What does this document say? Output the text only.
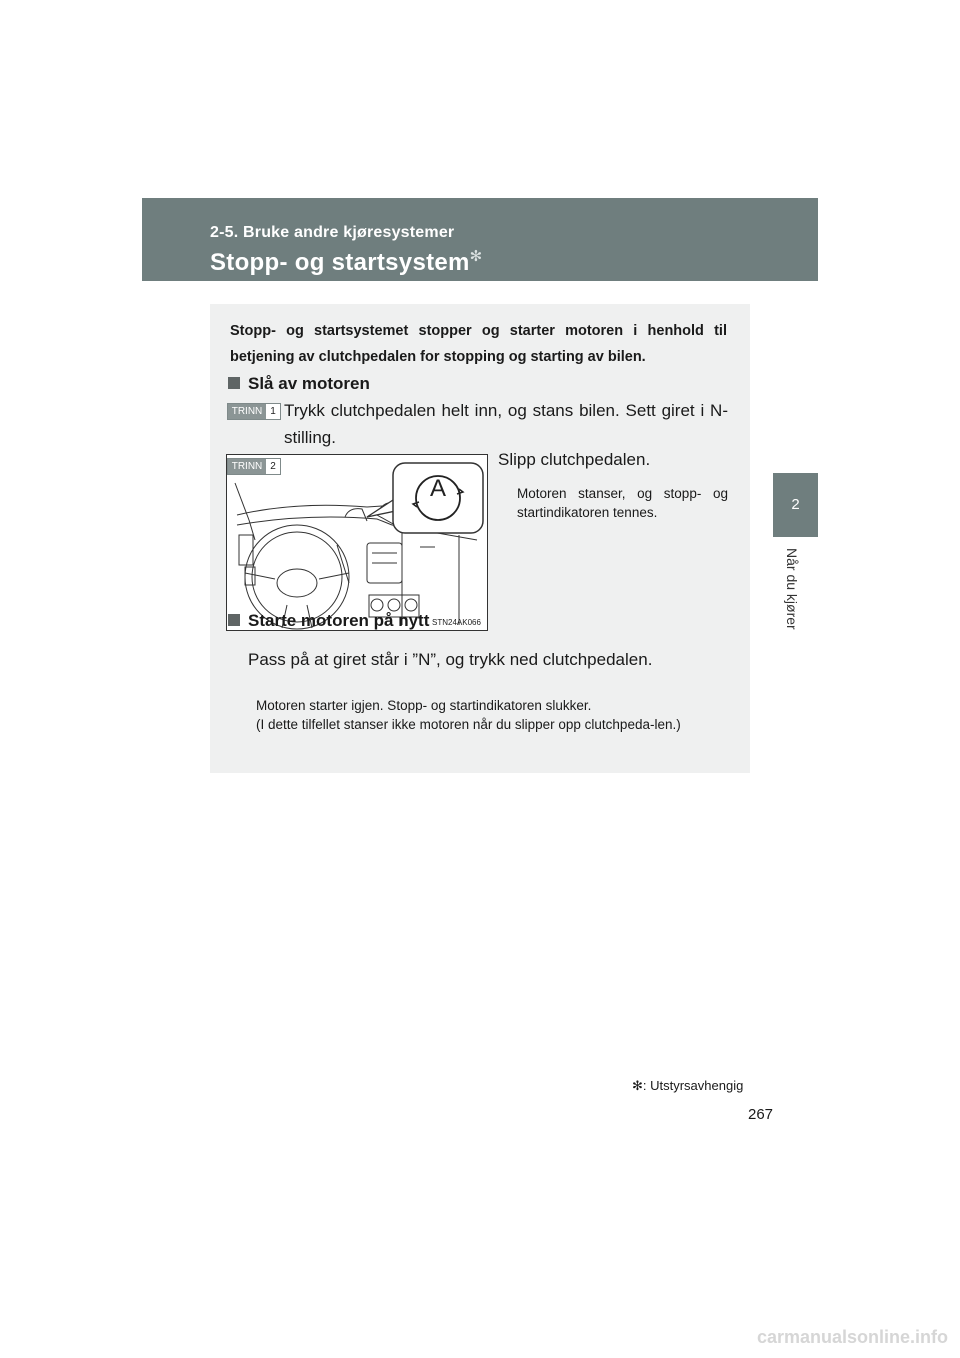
2-5. Bruke andre kjøresystemer
Stopp- og startsystem✻
2
Når du kjører
Stopp- og startsystemet stopper og starter motoren i henhold til betjening av clutchpedalen for stopping og starting av bilen.
Slå av motoren
TRINN 1 Trykk clutchpedalen helt inn, og stans bilen. Sett giret i N-stilling.
A
STN24AK066
TRINN 2	Slipp clutchpedalen.
Motoren stanser, og stopp- og startindikatoren tennes.
Starte motoren på nytt
Pass på at giret står i ”N”, og trykk ned clutchpedalen.
Motoren starter igjen. Stopp- og startindikatoren slukker.
(I dette tilfellet stanser ikke motoren når du slipper opp clutchpeda-len.)
✻: Utstyrsavhengig
267
carmanualsonline.info
